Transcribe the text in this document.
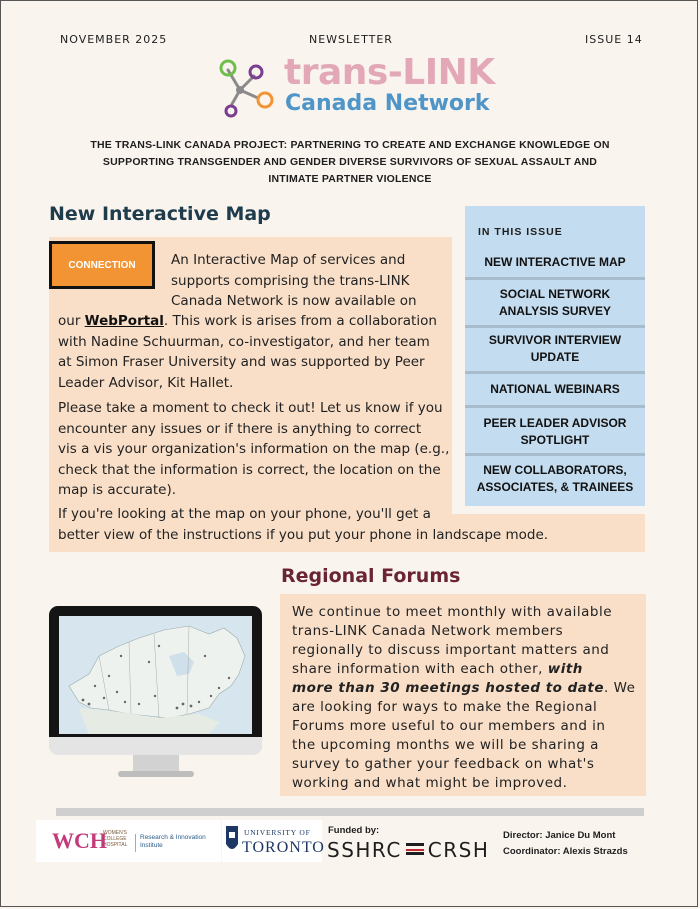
NOVEMBER 2025	NEWSLETTER	ISSUE 14
trans-LINK
Canada Network
THE TRANS-LINK CANADA PROJECT: PARTNERING TO CREATE AND EXCHANGE KNOWLEDGE ON
SUPPORTING TRANSGENDER AND GENDER DIVERSE SURVIVORS OF SEXUAL ASSAULT AND
INTIMATE PARTNER VIOLENCE
New Interactive Map
CONNECTION	An Interactive Map of services and
supports comprising the trans-LINK
Canada Network is now available on
our WebPortal. This work is arises from a collaboration
with Nadine Schuurman, co-investigator, and her team
at Simon Fraser University and was supported by Peer
Leader Advisor, Kit Hallet.
Please take a moment to check it out! Let us know if you
encounter any issues or if there is anything to correct
vis a vis your organization's information on the map (e.g.,
check that the information is correct, the location on the
map is accurate).
If you're looking at the map on your phone, you'll get a
better view of the instructions if you put your phone in landscape mode.
IN THIS ISSUE
NEW INTERACTIVE MAP
SOCIAL NETWORK
ANALYSIS SURVEY
SURVIVOR INTERVIEW
UPDATE
NATIONAL WEBINARS
PEER LEADER ADVISOR
SPOTLIGHT
NEW COLLABORATORS,
ASSOCIATES, & TRAINEES
Regional Forums
We continue to meet monthly with available
trans-LINK Canada Network members
regionally to discuss important matters and
share information with each other, with
more than 30 meetings hosted to date. We
are looking for ways to make the Regional
Forums more useful to our members and in
the upcoming months we will be sharing a
survey to gather your feedback on what's
working and what might be improved.
WCH
WOMEN'S
COLLEGE
HOSPITAL
Research & Innovation
Institute
UNIVERSITY OF
TORONTO
Funded by:
SSHRC CRSH
Director: Janice Du Mont
Coordinator: Alexis Strazds
